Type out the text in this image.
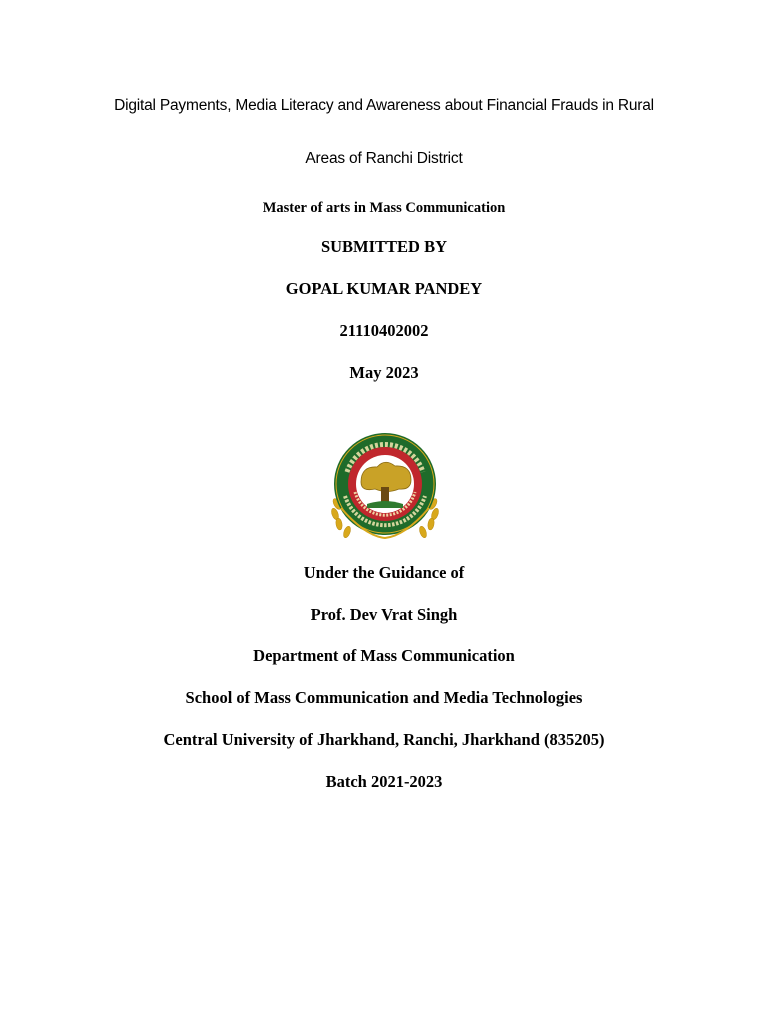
Digital Payments, Media Literacy and Awareness about Financial Frauds in Rural
Areas of Ranchi District
Master of arts in Mass Communication
SUBMITTED BY
GOPAL KUMAR PANDEY
21110402002
May 2023
Under the Guidance of
Prof. Dev Vrat Singh
Department of Mass Communication
School of Mass Communication and Media Technologies
Central University of Jharkhand, Ranchi, Jharkhand (835205)
Batch 2021-2023
